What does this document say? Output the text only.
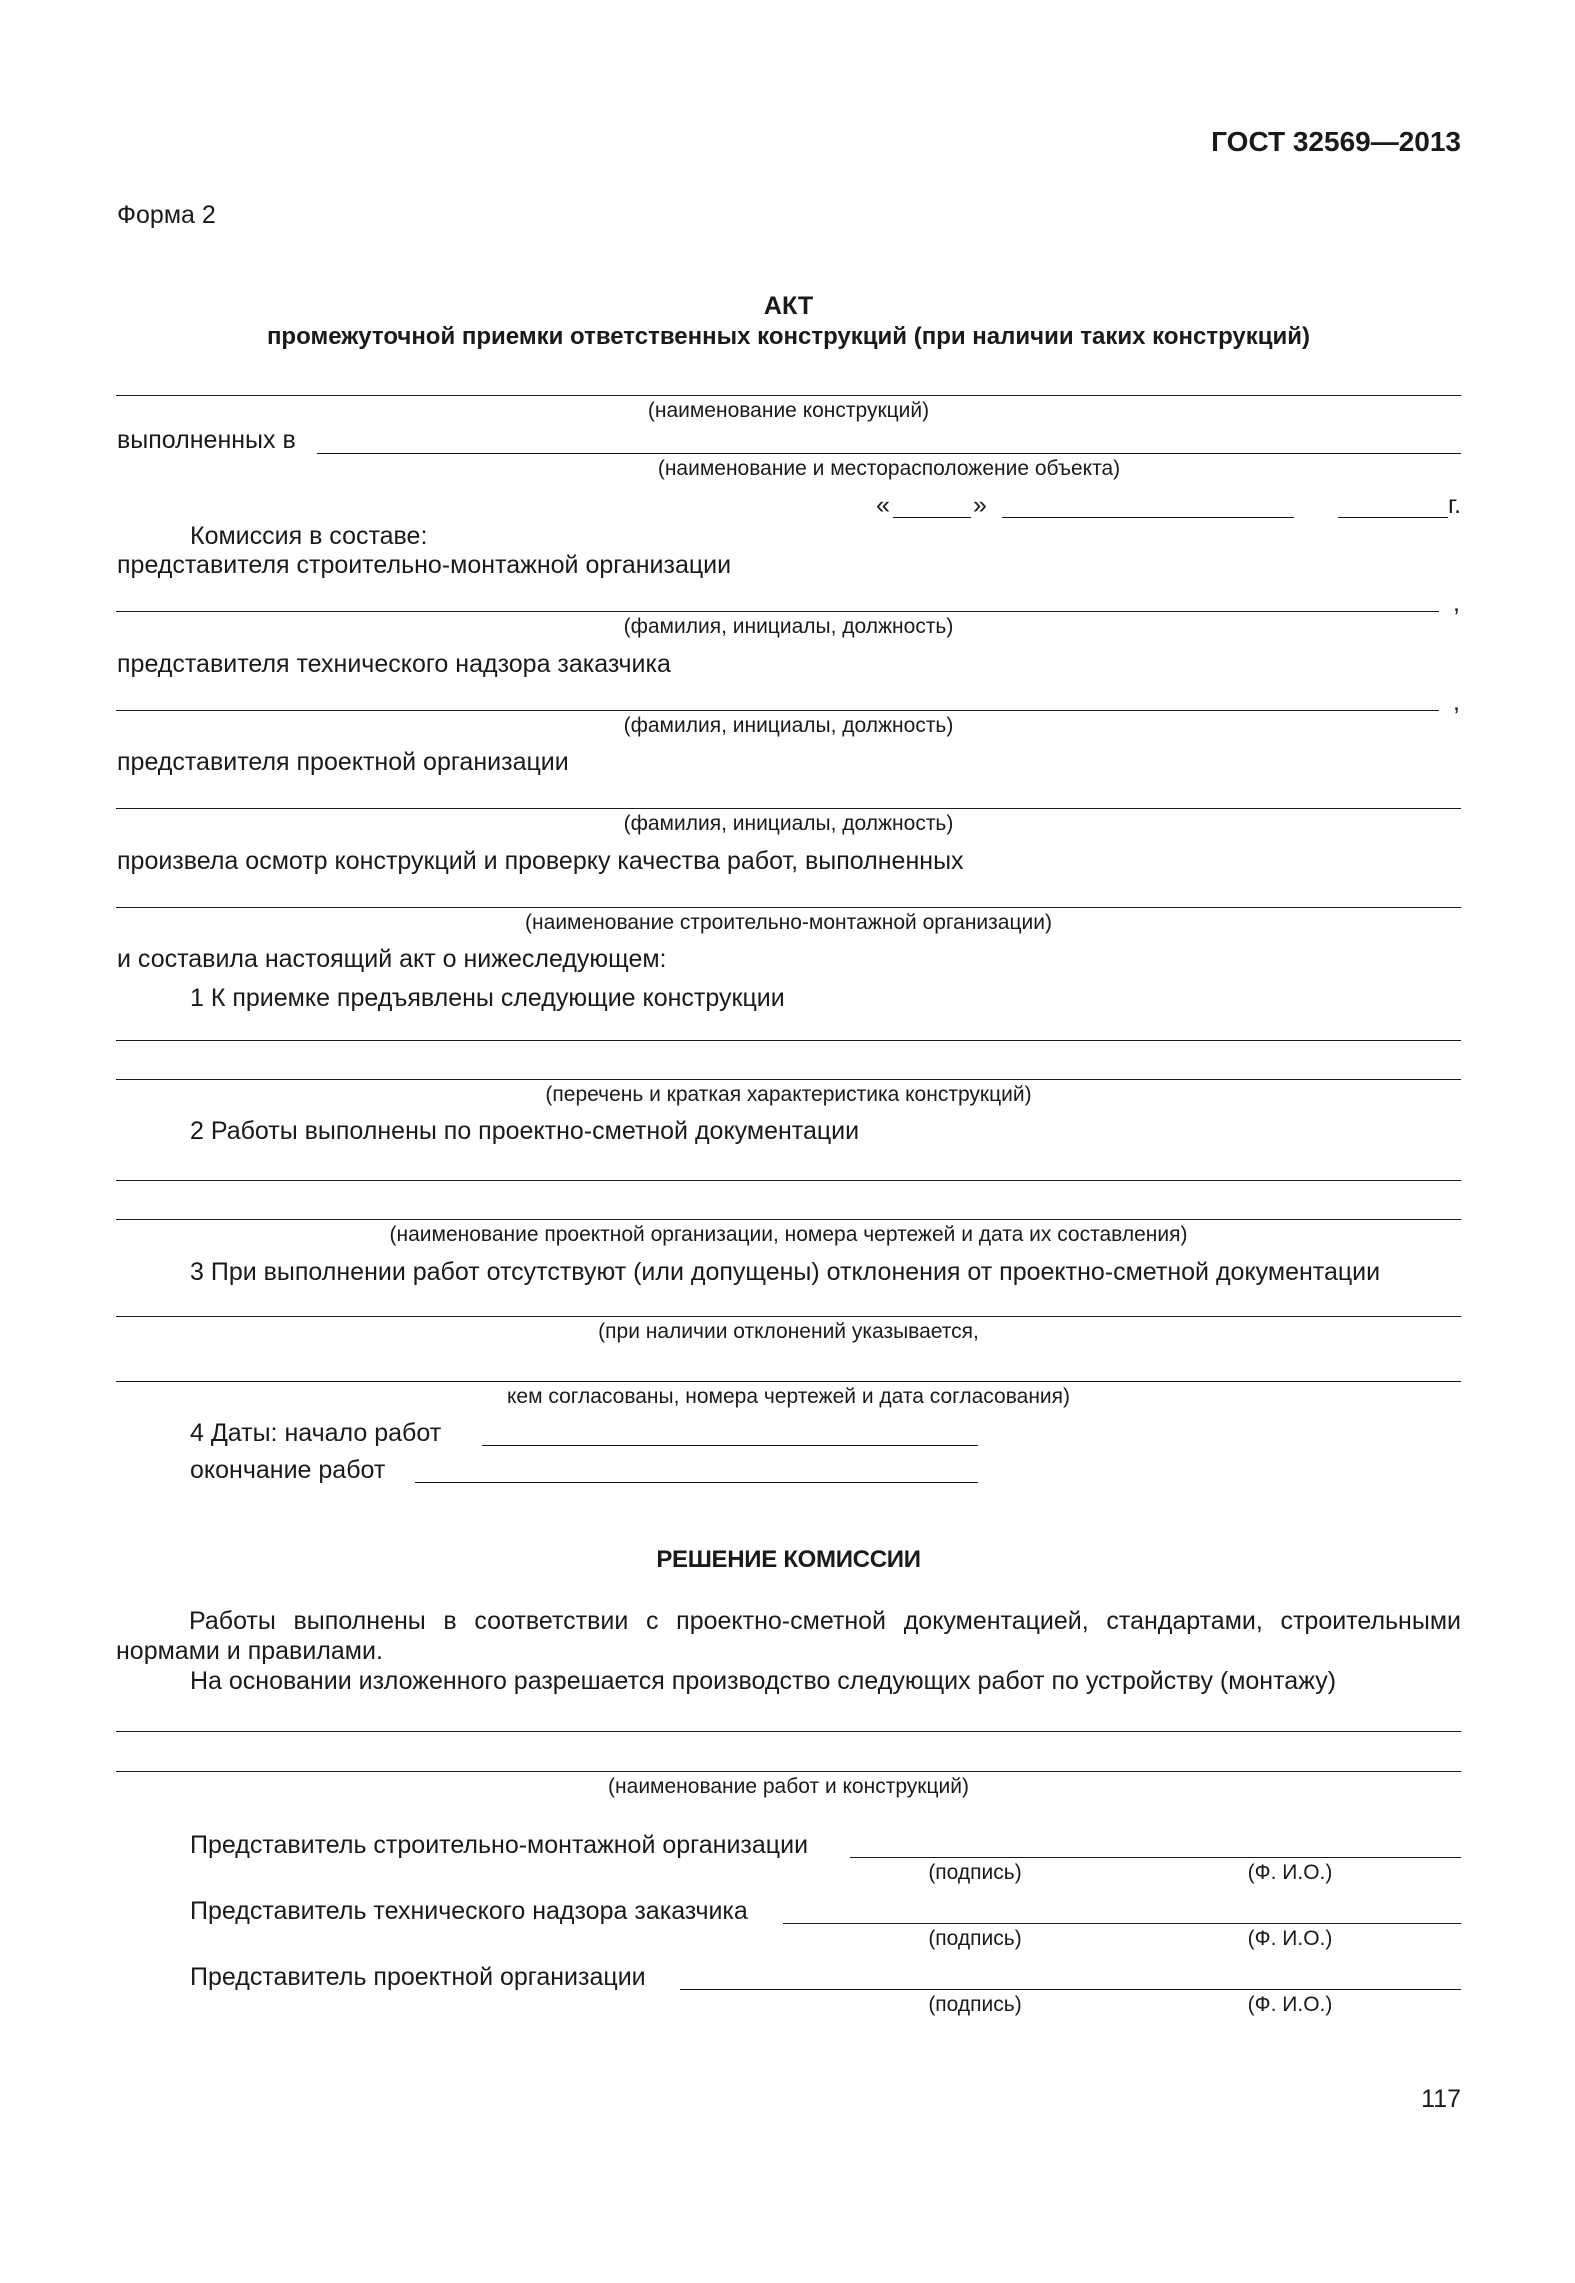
ГОСТ 32569—2013
Форма 2
АКТ
промежуточной приемки ответственных конструкций (при наличии таких конструкций)
(наименование конструкций)
выполненных в
(наименование и месторасположение объекта)
«	»	г.
Комиссия в составе:
представителя строительно-монтажной организации
,
(фамилия, инициалы, должность)
представителя технического надзора заказчика
,
(фамилия, инициалы, должность)
представителя проектной организации
(фамилия, инициалы, должность)
произвела осмотр конструкций и проверку качества работ, выполненных
(наименование строительно-монтажной организации)
и составила настоящий акт о нижеследующем:
1 К приемке предъявлены следующие конструкции
(перечень и краткая характеристика конструкций)
2 Работы выполнены по проектно-сметной документации
(наименование проектной организации, номера чертежей и дата их составления)
3 При выполнении работ отсутствуют (или допущены) отклонения от проектно-сметной документации
(при наличии отклонений указывается,
кем согласованы, номера чертежей и дата согласования)
4 Даты: начало работ
окончание работ
РЕШЕНИЕ КОМИССИИ
Работы выполнены в соответствии с проектно-сметной документацией, стандартами, строительными нормами и правилами.
На основании изложенного разрешается производство следующих работ по устройству (монтажу)
(наименование работ и конструкций)
Представитель строительно-монтажной организации
(подпись)	(Ф. И.О.)
Представитель технического надзора заказчика
(подпись)	(Ф. И.О.)
Представитель проектной организации
(подпись)	(Ф. И.О.)
117
